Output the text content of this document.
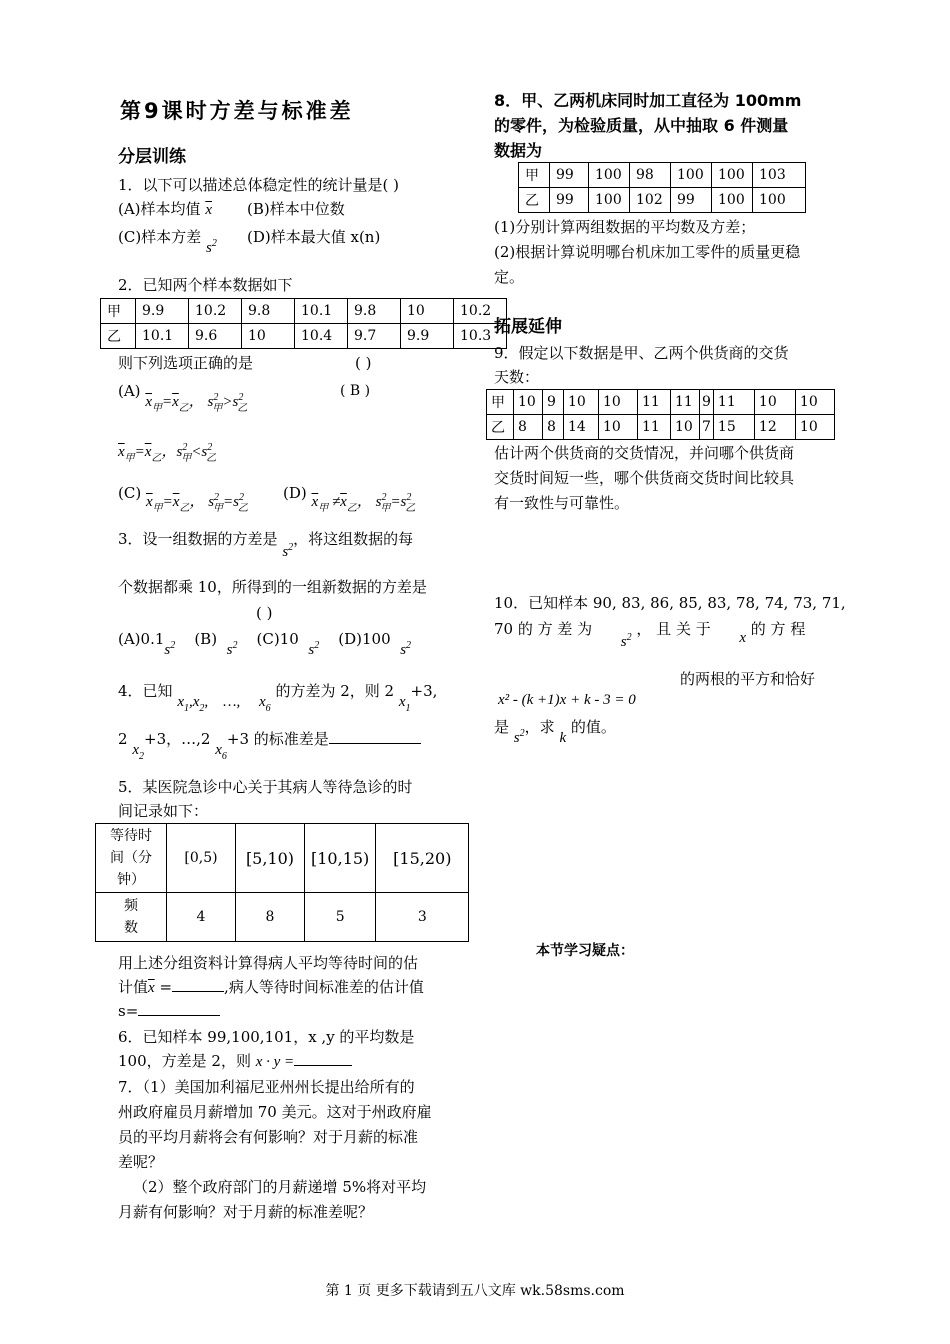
第9课时方差与标准差
分层训练
1．以下可以描述总体稳定性的统计量是( )
(A)样本均值 $\overline{x}$ (B)样本中位数
(C)样本方差 $s^2$ (D)样本最大值 x(n)
2．已知两个样本数据如下
甲	9.9	10.2	9.8	10.1	9.8	10	10.2
乙	10.1	9.6	10	10.4	9.7	9.9	10.3
则下列选项正确的是	( )
(A) $\overline{x}_甲=\overline{x}_乙$， $s^2_甲>s^2_乙$
( B )
$\overline{x}_甲=\overline{x}_乙$，$s^2_甲<s^2_乙$
(C) $\overline{x}_甲=\overline{x}_乙$， $s^2_甲=s^2_乙$
(D) $\overline{x}_甲 \ne\overline{x}_乙$， $s^2_甲=s^2_乙$
3．设一组数据的方差是 $s^2$，将这组数据的每
个数据都乘 10，所得到的一组新数据的方差是
( )
$(A)0.1s^2$ (B)  $s^2$ (C)10  $s^2$ (D)100  $s^2$
4．已知 $x_1,x_2$,    …,     $x_6$ 的方差为 2，则 2 $x_1+3$,
2 $x_2+3$，…,2 $x_6+3$ 的标准差是
5．某医院急诊中心关于其病人等待急诊的时
间记录如下：
等待时
间（分
钟）	[0,5)	[5,10)	[10,15)	[15,20)

频
数	4	8	5	3
用上述分组资料计算得病人平均等待时间的估
计值$\overline{x}$ =	,病人等待时间标准差的估计值
s=
6．已知样本 99,100,101，x ,y 的平均数是
100，方差是 2，则 x · y =
7．（1）美国加利福尼亚州州长提出给所有的
州政府雇员月薪增加 70 美元。这对于州政府雇
员的平均月薪将会有何影响？对于月薪的标准
差呢？
（2）整个政府部门的月薪递增 5%将对平均
月薪有何影响？对于月薪的标准差呢？
8．甲、乙两机床同时加工直径为 100mm
的零件，为检验质量，从中抽取 6 件测量
数据为
甲	99	100	98	100	100	103
乙	99	100	102	99	100	100
(1)分别计算两组数据的平均数及方差；
(2)根据计算说明哪台机床加工零件的质量更稳
定。
拓展延伸
9．假定以下数据是甲、乙两个供货商的交货
天数：
甲	10	9	10	10	11	11	9	11	10	10
乙	8	8	14	10	11	10	7	15	12	10
估计两个供货商的交货情况，并问哪个供货商
交货时间短一些，哪个供货商交货时间比较具
有一致性与可靠性。
10．已知样本 90, 83, 86, 85, 83, 78, 74, 73, 71,
70 的 方 差 为      $s^2$ ， 且 关 于 x 的 方 程
x² - (k +1)x + k - 3 = 0
的两根的平方和恰好
是 $s^2$，求 k 的值。
本节学习疑点：
第 1 页 更多下载请到五八文库 wk.58sms.com
